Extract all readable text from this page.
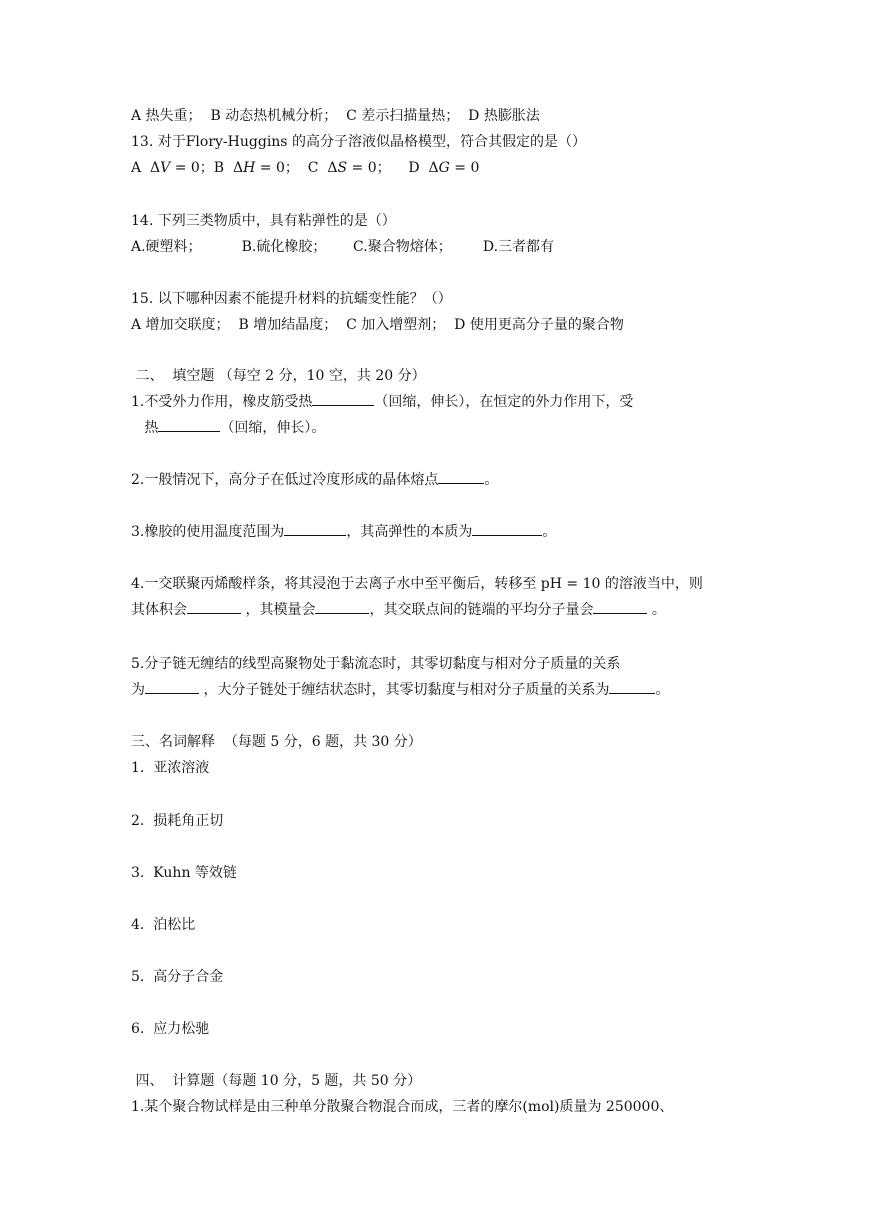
A 热失重；  B 动态热机械分析；  C 差示扫描量热；  D 热膨胀法
13. 对于Flory-Huggins 的高分子溶液似晶格模型，符合其假定的是（）
A  ΔV = 0；B  ΔH = 0；  C  ΔS = 0；    D  ΔG = 0
14. 下列三类物质中，具有粘弹性的是（）
A.硬塑料；         B.硫化橡胶；      C.聚合物熔体；       D.三者都有
15. 以下哪种因素不能提升材料的抗蠕变性能？（）
A 增加交联度；  B 增加结晶度；  C 加入增塑剂；  D 使用更高分子量的聚合物
二、  填空题 （每空 2 分，10 空，共 20 分）
1.不受外力作用，橡皮筋受热	（回缩，伸长），在恒定的外力作用下，受
热	（回缩，伸长）。
2.一般情况下，高分子在低过冷度形成的晶体熔点	。
3.橡胶的使用温度范围为	，其高弹性的本质为	。
4.一交联聚丙烯酸样条，将其浸泡于去离子水中至平衡后，转移至 pH = 10 的溶液当中，则
其体积会	，其模量会	，其交联点间的链端的平均分子量会	。
5.分子链无缠结的线型高聚物处于黏流态时，其零切黏度与相对分子质量的关系
为	，大分子链处于缠结状态时，其零切黏度与相对分子质量的关系为	。
三、名词解释  （每题 5 分，6 题，共 30 分）
1.  亚浓溶液
2.  损耗角正切
3.  Kuhn 等效链
4.  泊松比
5.  高分子合金
6.  应力松驰
四、  计算题（每题 10 分，5 题，共 50 分）
1.某个聚合物试样是由三种单分散聚合物混合而成，三者的摩尔(mol)质量为 250000、
